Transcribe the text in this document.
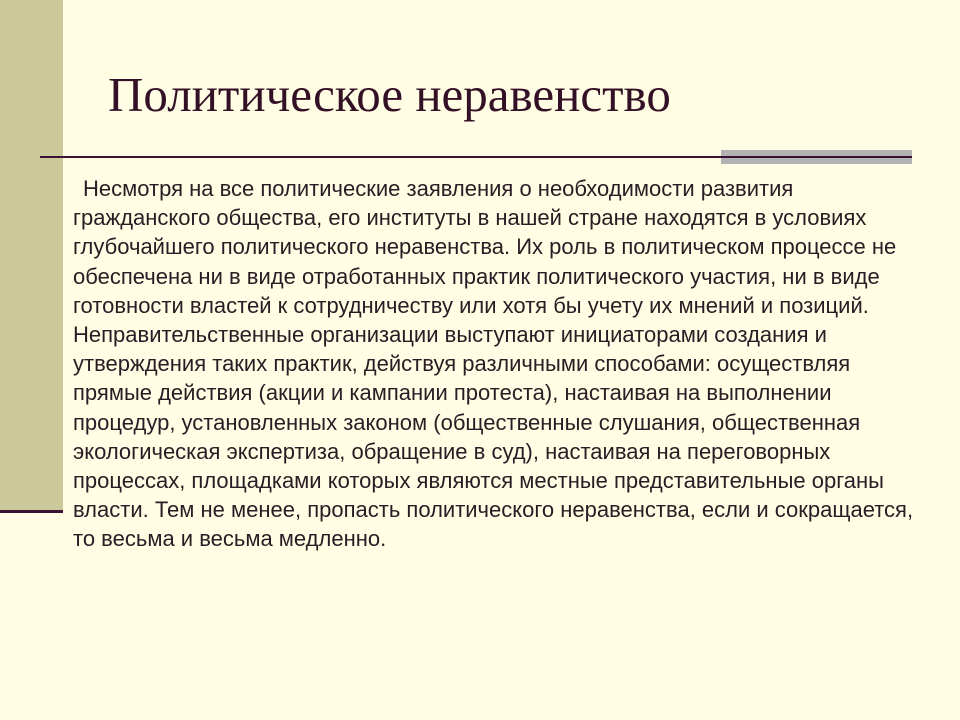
Политическое неравенство

Несмотря на все политические заявления о необходимости развития гражданского общества, его институты в нашей стране находятся в условиях глубочайшего политического неравенства. Их роль в политическом процессе не обеспечена ни в виде отработанных практик политического участия, ни в виде готовности властей к сотрудничеству или хотя бы учету их мнений и позиций. Неправительственные организации выступают инициаторами создания и утверждения таких практик, действуя различными способами: осуществляя прямые действия (акции и кампании протеста), настаивая на выполнении процедур, установленных законом (общественные слушания, общественная экологическая экспертиза, обращение в суд), настаивая на переговорных процессах, площадками которых являются местные представительные органы власти. Тем не менее, пропасть политического неравенства, если и сокращается, то весьма и весьма медленно.
